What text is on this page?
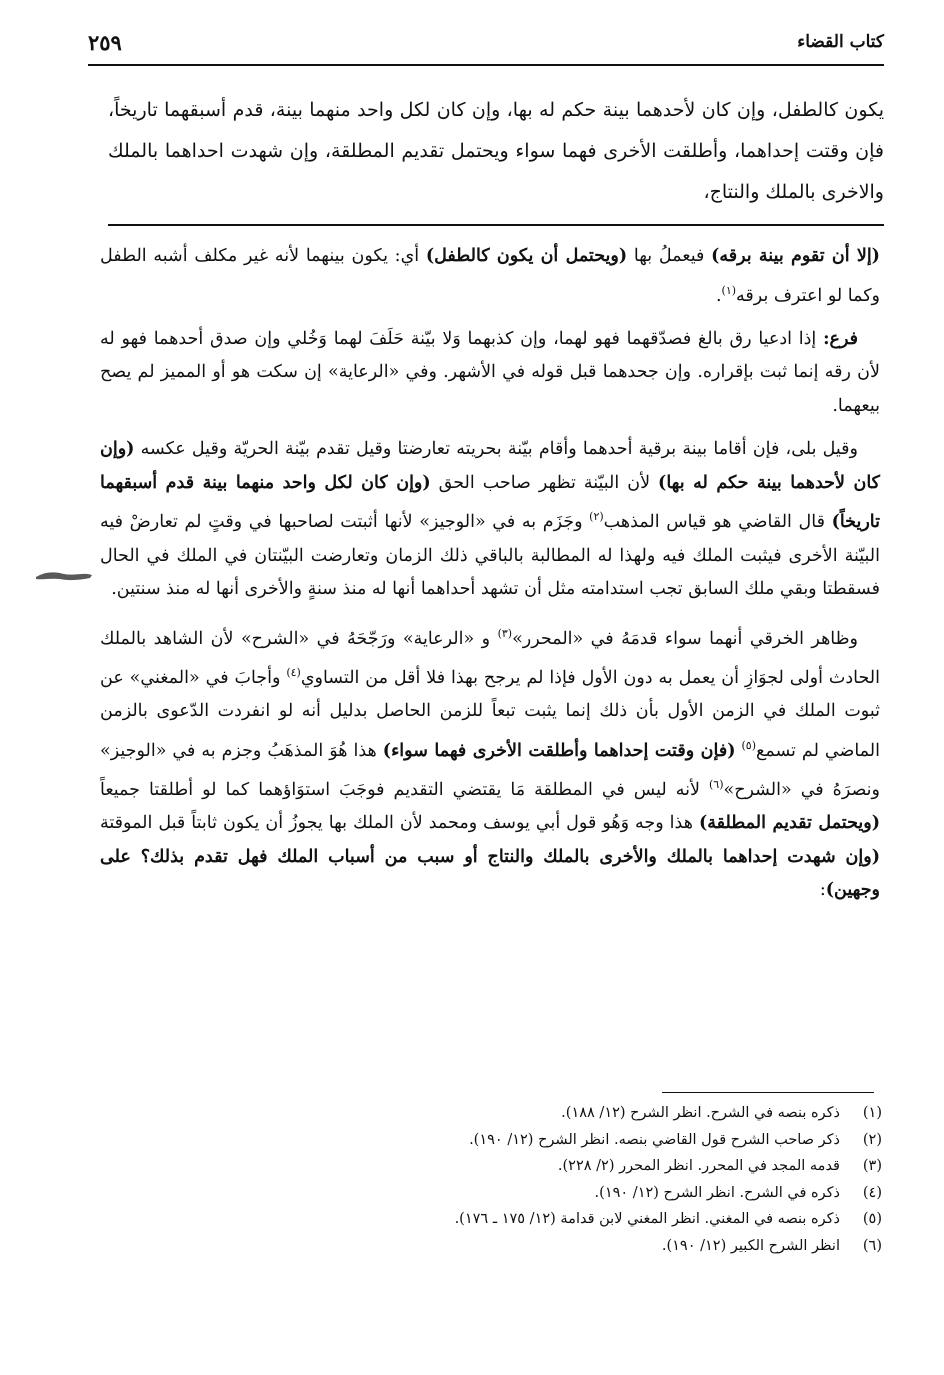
كتاب القضاء
٢٥٩

يكون كالطفل، وإن كان لأحدهما بينة حكم له بها، وإن كان لكل واحد منهما بينة، قدم أسبقهما تاريخاً، فإن وقتت إحداهما، وأطلقت الأخرى فهما سواء ويحتمل تقديم المطلقة، وإن شهدت احداهما بالملك والاخرى بالملك والنتاج،

(إلا أن تقوم بينة برقه) فيعملُ بها (ويحتمل أن يكون كالطفل) أي: يكون بينهما لأنه غير مكلف أشبه الطفل وكما لو اعترف برقه$^{(١)}$.

فرع: إذا ادعيا رق بالغ فصدّقهما فهو لهما، وإن كذبهما وَلا بيّنة حَلَفَ لهما وَخُلي وإن صدق أحدهما فهو له لأن رقه إنما ثبت بإقراره. وإن جحدهما قبل قوله في الأشهر. وفي «الرعاية» إن سكت هو أو المميز لم يصح بيعهما.

وقيل بلى، فإن أقاما بينة برقية أحدهما وأقام بيّنة بحريته تعارضتا وقيل تقدم بيّنة الحريّة وقيل عكسه (وإن كان لأحدهما بينة حكم له بها) لأن البيّنة تظهر صاحب الحق (وإن كان لكل واحد منهما بينة قدم أسبقهما تاريخاً) قال القاضي هو قياس المذهب$^{(٢)}$ وجَزَم به في «الوجيز» لأنها أثبتت لصاحبها في وقتٍ لم تعارضْ فيه البيّنة الأخرى فيثبت الملك فيه ولهذا له المطالبة بالباقي ذلك الزمان وتعارضت البيّنتان في الملك في الحال فسقطتا وبقي ملك السابق تجب استدامته مثل أن تشهد أحداهما أنها له منذ سنةٍ والأخرى أنها له منذ سنتين.

وظاهر الخرقي أنهما سواء قدمَهُ في «المحرر»$^{(٣)}$ و «الرعاية» ورَجّحَهُ في «الشرح» لأن الشاهد بالملك الحادث أولى لجوَازِ أن يعمل به دون الأول فإذا لم يرجح بهذا فلا أقل من التساوي$^{(٤)}$ وأجابَ في «المغني» عن ثبوت الملك في الزمن الأول بأن ذلك إنما يثبت تبعاً للزمن الحاصل بدليل أنه لو انفردت الدّعوى بالزمن الماضي لم تسمع$^{(٥)}$ (فإن وقتت إحداهما وأطلقت الأخرى فهما سواء) هذا هُوَ المذهَبُ وجزم به في «الوجيز» ونصرَهُ في «الشرح»$^{(٦)}$ لأنه ليس في المطلقة مَا يقتضي التقديم فوجَبَ استوَاؤهما كما لو أطلقتا جميعاً (ويحتمل تقديم المطلقة) هذا وجه وَهُو قول أبي يوسف ومحمد لأن الملك بها يجوزُ أن يكون ثابتاً قبل الموقتة (وإن شهدت إحداهما بالملك والأخرى بالملك والنتاج أو سبب من أسباب الملك فهل تقدم بذلك؟ على وجهين):

(١)ذكره بنصه في الشرح. انظر الشرح (١٢/ ١٨٨).
(٢)ذكر صاحب الشرح قول القاضي بنصه. انظر الشرح (١٢/ ١٩٠).
(٣)قدمه المجد في المحرر. انظر المحرر (٢/ ٢٢٨).
(٤)ذكره في الشرح. انظر الشرح (١٢/ ١٩٠).
(٥)ذكره بنصه في المغني. انظر المغني لابن قدامة (١٢/ ١٧٥ ـ ١٧٦).
(٦)انظر الشرح الكبير (١٢/ ١٩٠).
